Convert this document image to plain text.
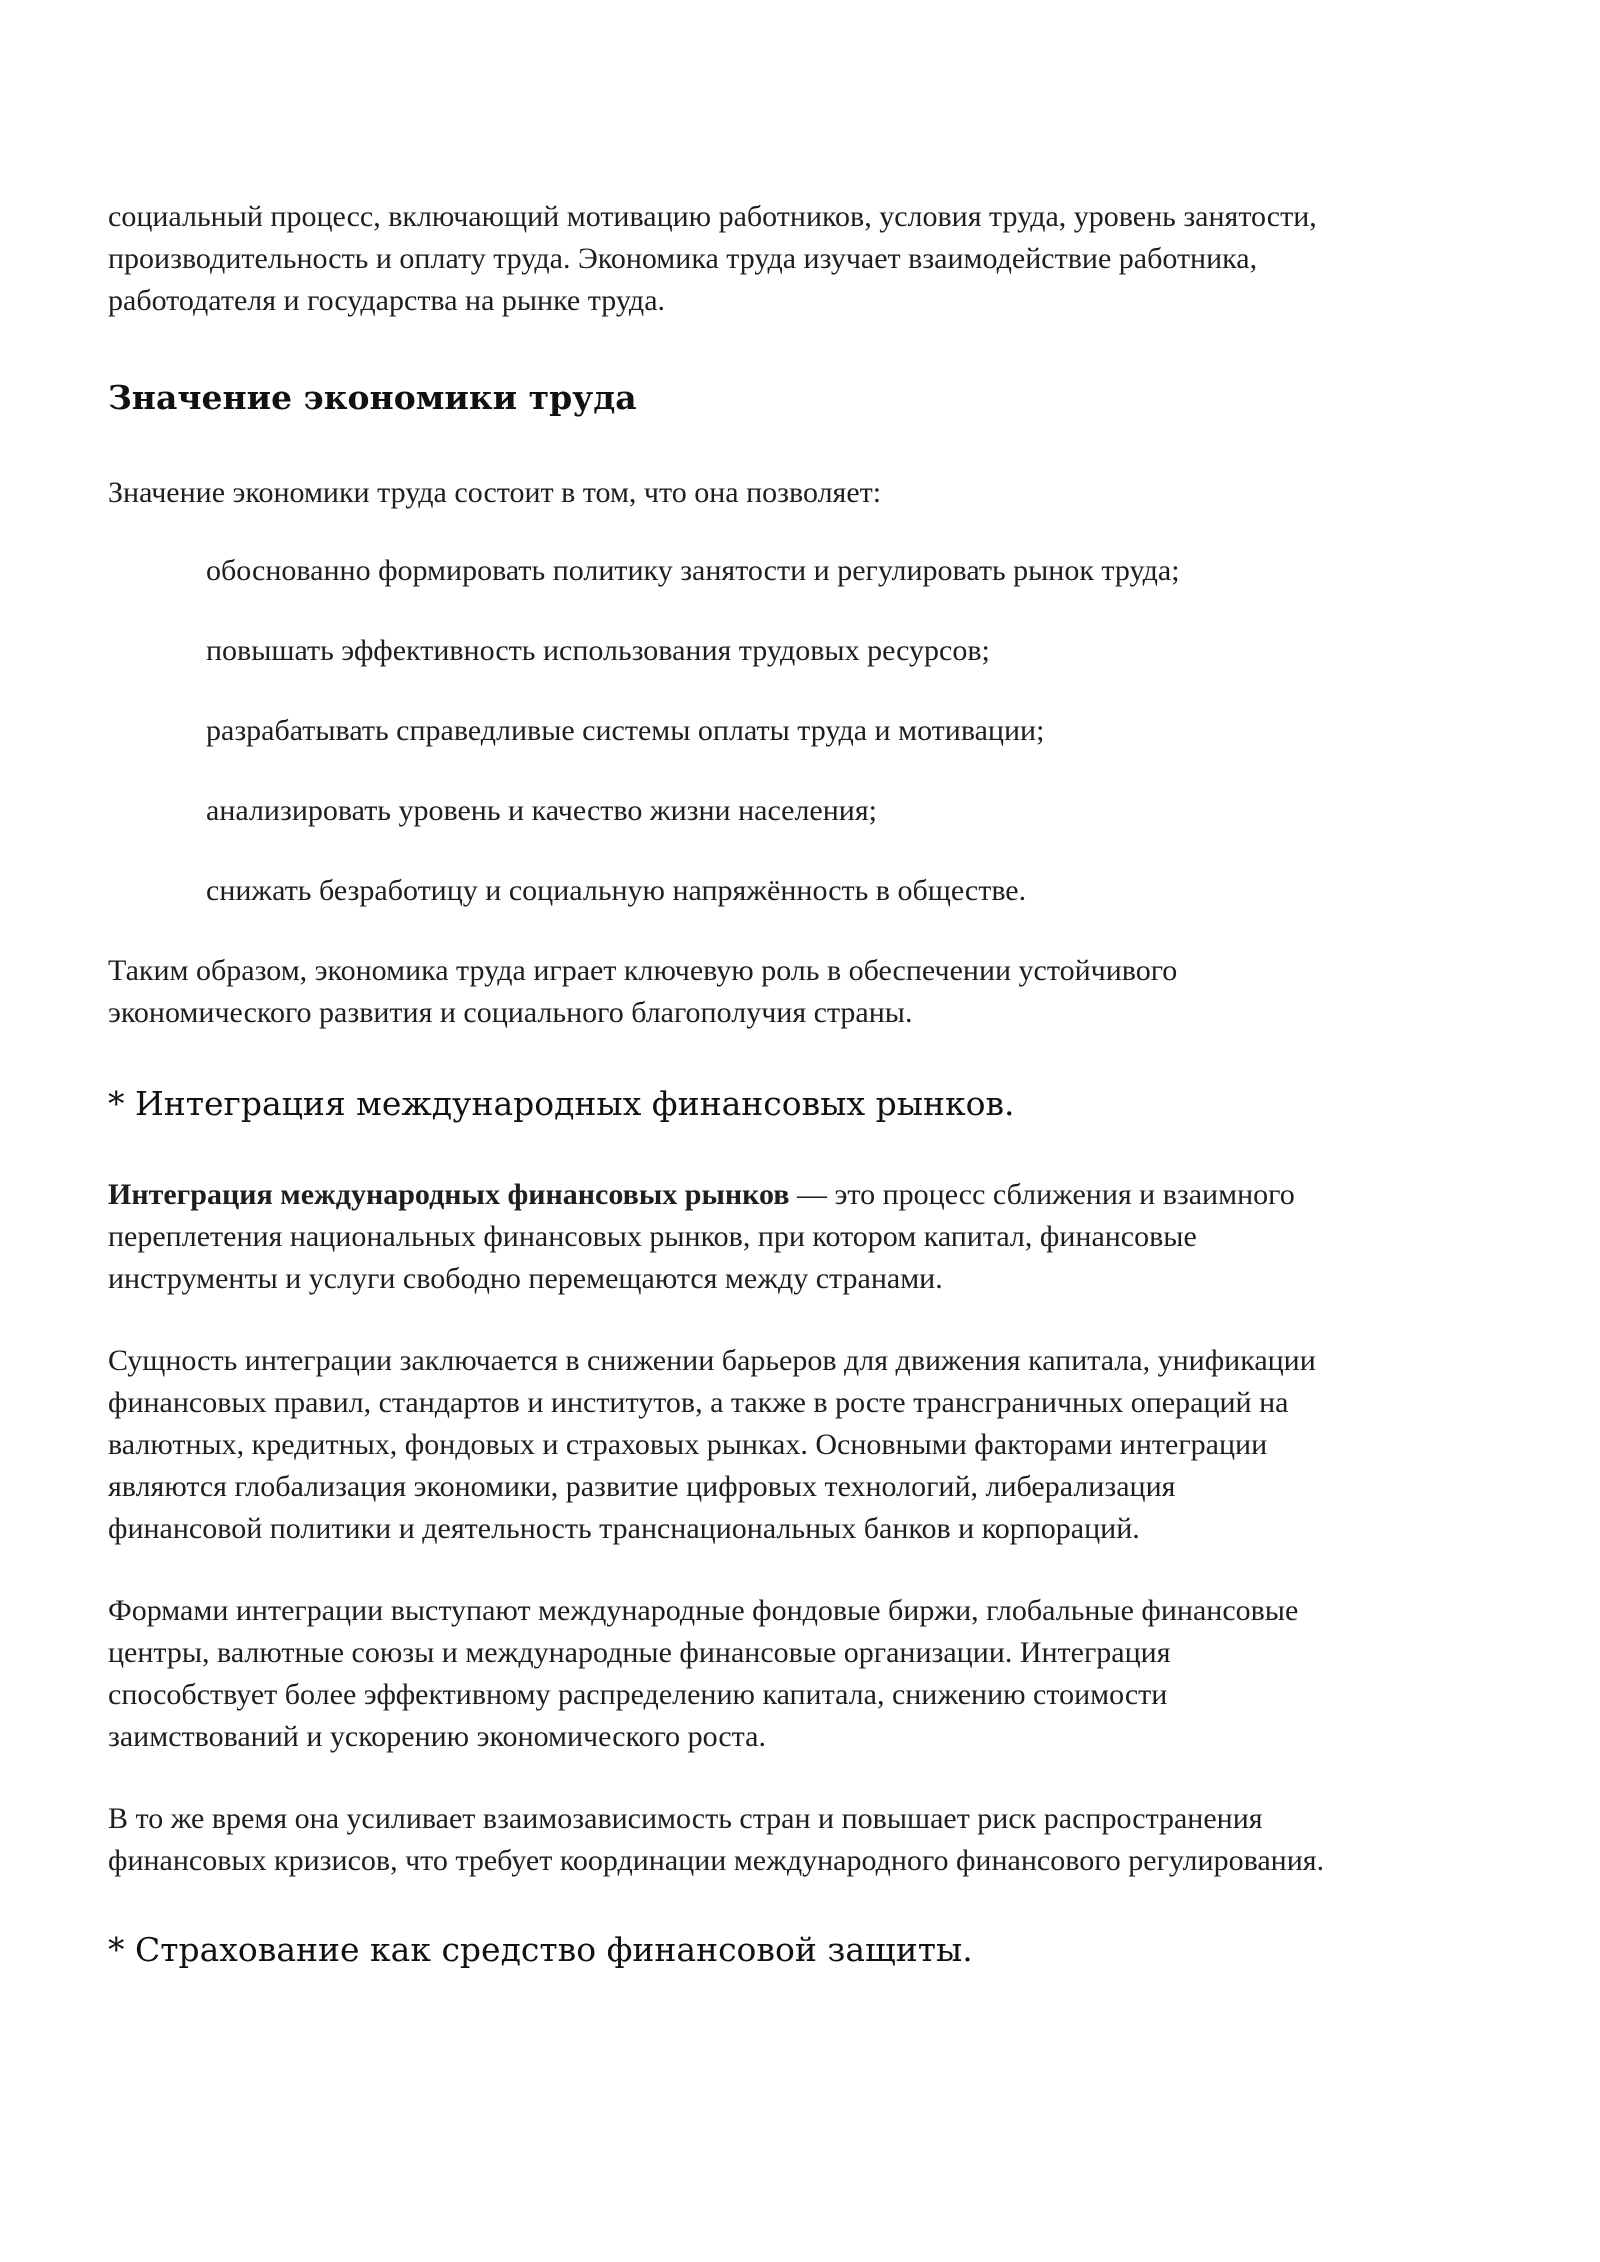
социальный процесс, включающий мотивацию работников, условия труда, уровень занятости,
производительность и оплату труда. Экономика труда изучает взаимодействие работника,
работодателя и государства на рынке труда.
Значение экономики труда
Значение экономики труда состоит в том, что она позволяет:
обоснованно формировать политику занятости и регулировать рынок труда;
повышать эффективность использования трудовых ресурсов;
разрабатывать справедливые системы оплаты труда и мотивации;
анализировать уровень и качество жизни населения;
снижать безработицу и социальную напряжённость в обществе.
Таким образом, экономика труда играет ключевую роль в обеспечении устойчивого
экономического развития и социального благополучия страны.
* Интеграция международных финансовых рынков.
Интеграция международных финансовых рынков — это процесс сближения и взаимного
переплетения национальных финансовых рынков, при котором капитал, финансовые
инструменты и услуги свободно перемещаются между странами.
Сущность интеграции заключается в снижении барьеров для движения капитала, унификации
финансовых правил, стандартов и институтов, а также в росте трансграничных операций на
валютных, кредитных, фондовых и страховых рынках. Основными факторами интеграции
являются глобализация экономики, развитие цифровых технологий, либерализация
финансовой политики и деятельность транснациональных банков и корпораций.
Формами интеграции выступают международные фондовые биржи, глобальные финансовые
центры, валютные союзы и международные финансовые организации. Интеграция
способствует более эффективному распределению капитала, снижению стоимости
заимствований и ускорению экономического роста.
В то же время она усиливает взаимозависимость стран и повышает риск распространения
финансовых кризисов, что требует координации международного финансового регулирования.
* Страхование как средство финансовой защиты.
